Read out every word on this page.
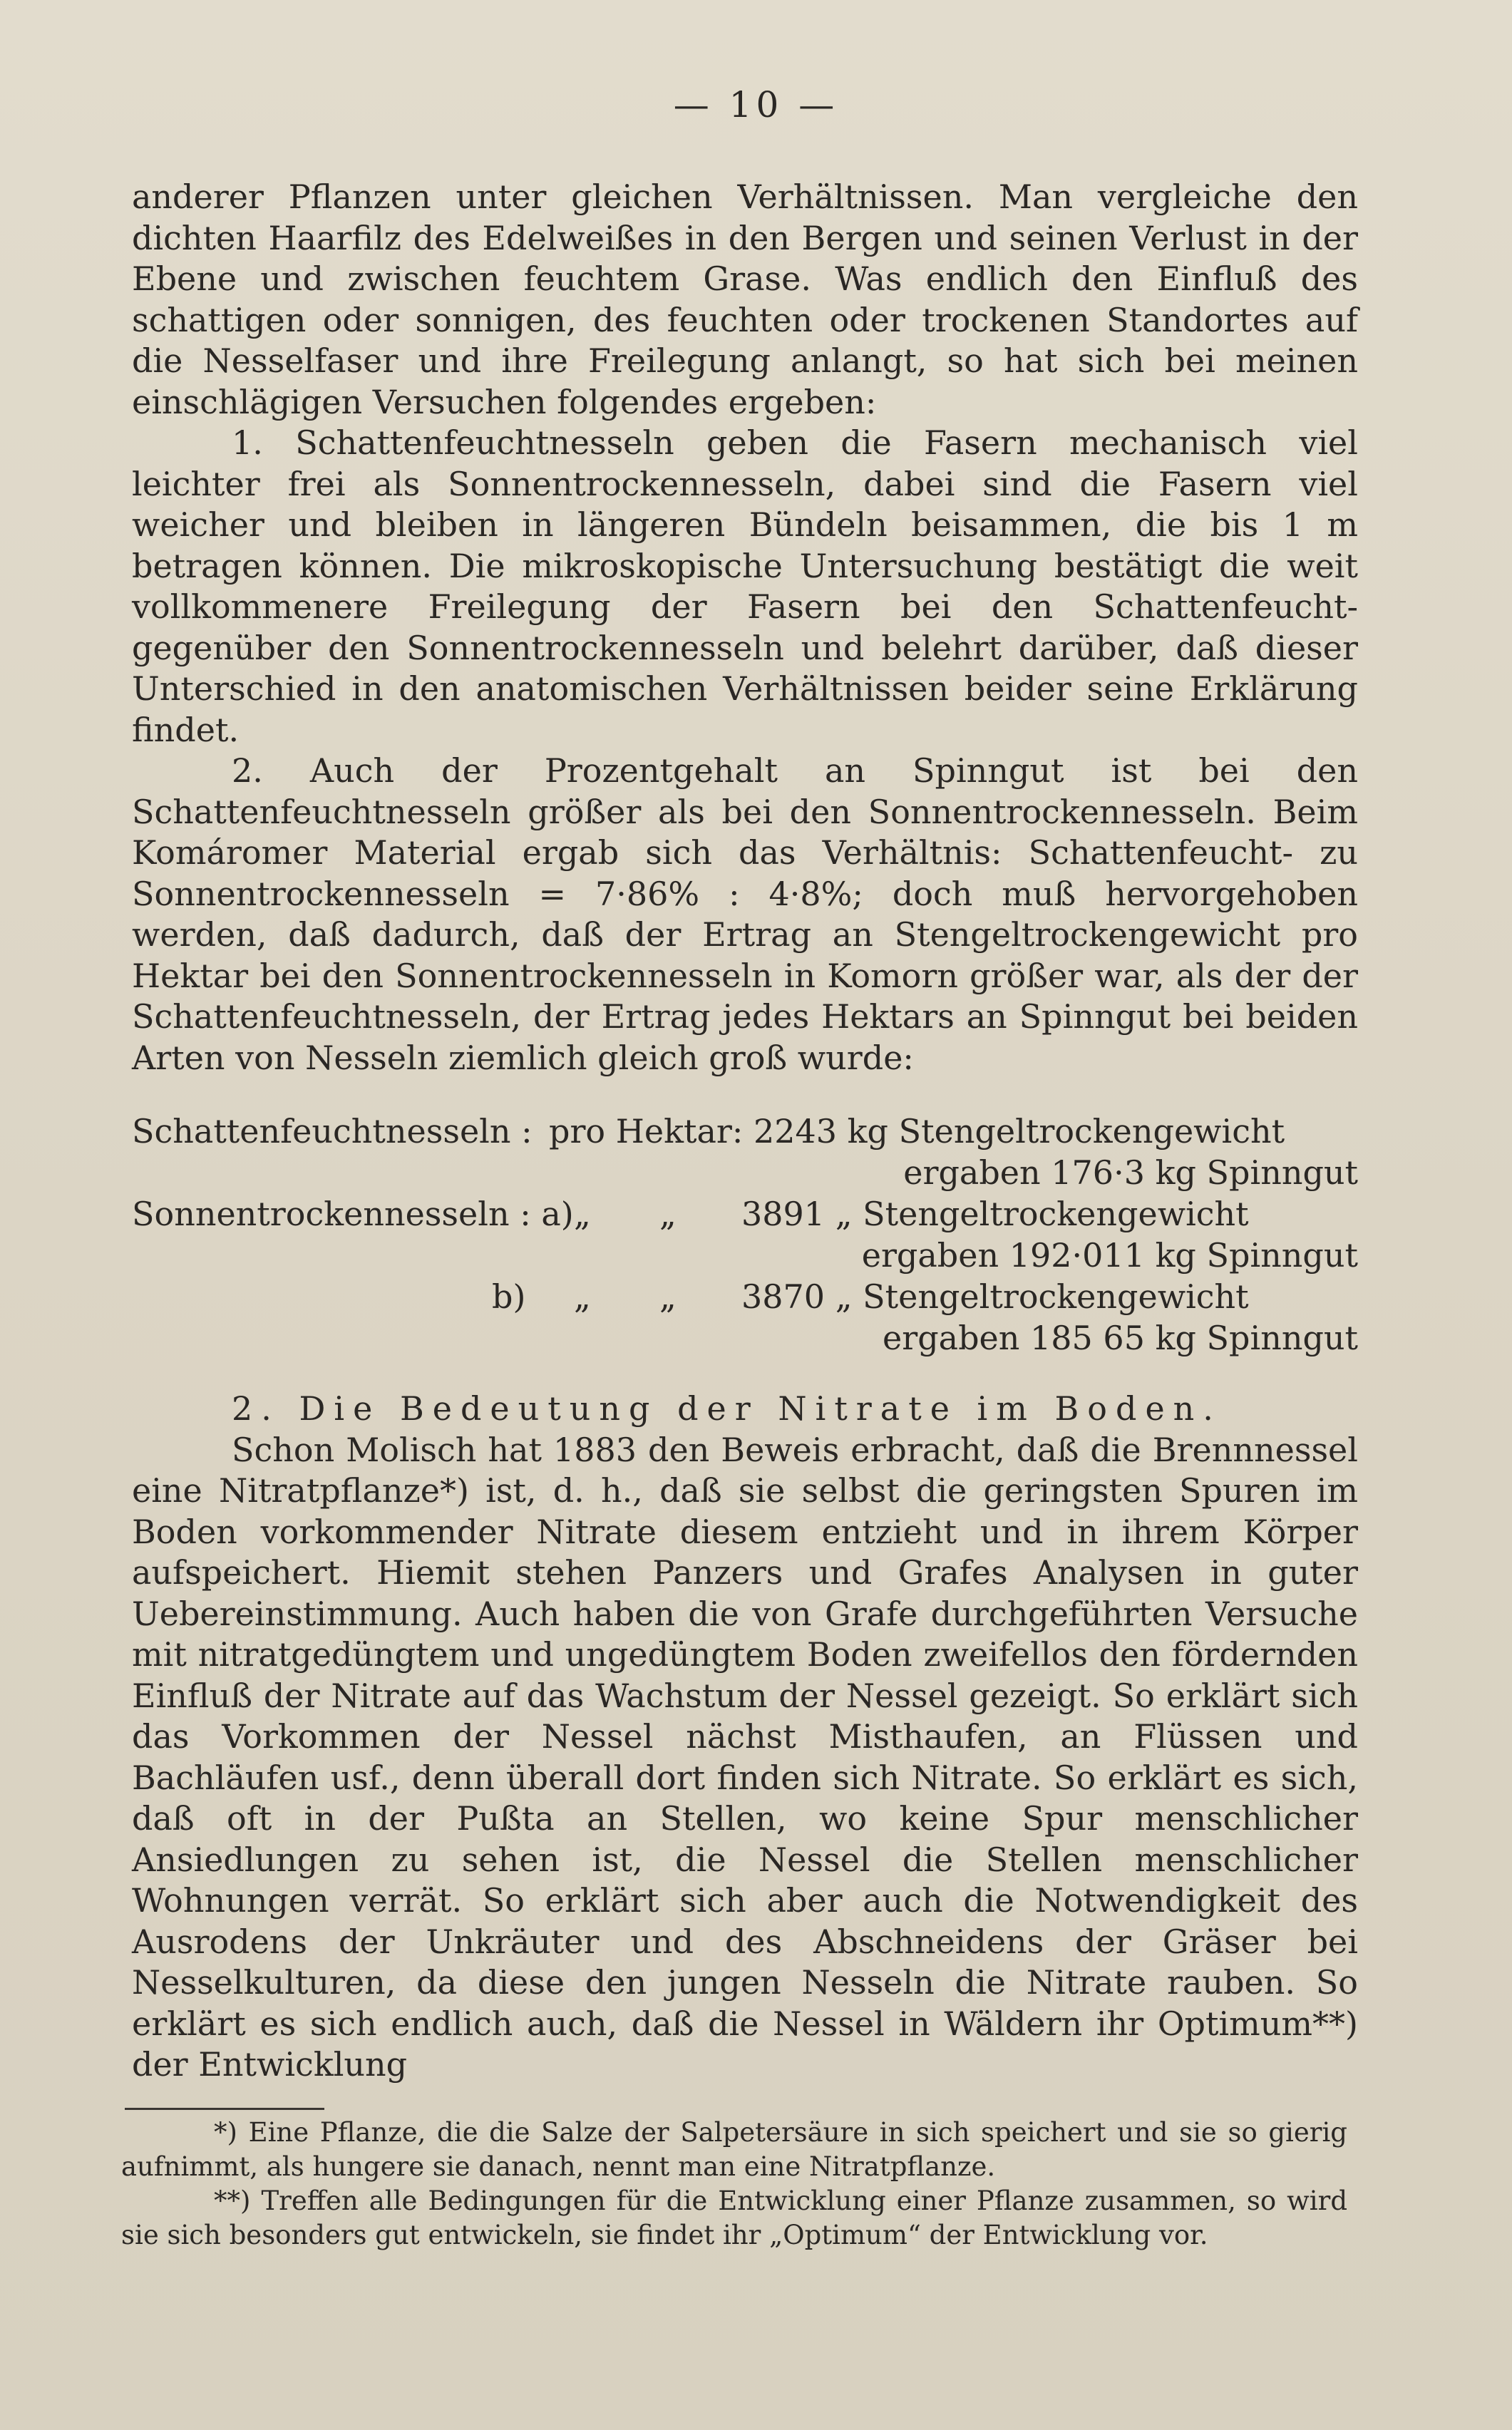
— 10 —

anderer Pflanzen unter gleichen Verhältnissen. Man vergleiche den dichten Haarfilz des Edelweißes in den Bergen und seinen Verlust in der Ebene und zwischen feuchtem Grase. Was endlich den Einfluß des schattigen oder sonnigen, des feuchten oder trockenen Standortes auf die Nesselfaser und ihre Freilegung anlangt, so hat sich bei meinen einschlägigen Versuchen folgendes ergeben:

1. Schattenfeuchtnesseln geben die Fasern mechanisch viel leichter frei als Sonnentrockennesseln, dabei sind die Fasern viel weicher und bleiben in längeren Bündeln beisammen, die bis 1 m betragen können. Die mikroskopische Untersuchung bestätigt die weit vollkommenere Freilegung der Fasern bei den Schattenfeucht- gegenüber den Sonnentrockennesseln und belehrt darüber, daß dieser Unterschied in den anatomischen Verhältnissen beider seine Erklärung findet.

2. Auch der Prozentgehalt an Spinngut ist bei den Schattenfeuchtnesseln größer als bei den Sonnentrockennesseln. Beim Komáromer Material ergab sich das Verhältnis: Schattenfeucht- zu Sonnentrockennesseln = 7·86% : 4·8%; doch muß hervorgehoben werden, daß dadurch, daß der Ertrag an Stengeltrockengewicht pro Hektar bei den Sonnentrockennesseln in Komorn größer war, als der der Schattenfeuchtnesseln, der Ertrag jedes Hektars an Spinngut bei beiden Arten von Nesseln ziemlich gleich groß wurde:

Schattenfeuchtnesseln : pro Hektar: 2243 kg Stengeltrockengewicht
ergaben 176·3 kg Spinngut
Sonnentrockennesseln : a) „ „ 3891 „ Stengeltrockengewicht
ergaben 192·011 kg Spinngut
b) „ „ 3870 „ Stengeltrockengewicht
ergaben 185 65 kg Spinngut

2. Die Bedeutung der Nitrate im Boden.

Schon Molisch hat 1883 den Beweis erbracht, daß die Brennnessel eine Nitratpflanze*) ist, d. h., daß sie selbst die geringsten Spuren im Boden vorkommender Nitrate diesem entzieht und in ihrem Körper aufspeichert. Hiemit stehen Panzers und Grafes Analysen in guter Uebereinstimmung. Auch haben die von Grafe durchgeführten Versuche mit nitratgedüngtem und ungedüngtem Boden zweifellos den fördernden Einfluß der Nitrate auf das Wachstum der Nessel gezeigt. So erklärt sich das Vorkommen der Nessel nächst Misthaufen, an Flüssen und Bachläufen usf., denn überall dort finden sich Nitrate. So erklärt es sich, daß oft in der Pußta an Stellen, wo keine Spur menschlicher Ansiedlungen zu sehen ist, die Nessel die Stellen menschlicher Wohnungen verrät. So erklärt sich aber auch die Notwendigkeit des Ausrodens der Unkräuter und des Abschneidens der Gräser bei Nesselkulturen, da diese den jungen Nesseln die Nitrate rauben. So erklärt es sich endlich auch, daß die Nessel in Wäldern ihr Optimum**) der Entwicklung

*) Eine Pflanze, die die Salze der Salpetersäure in sich speichert und sie so gierig aufnimmt, als hungere sie danach, nennt man eine Nitratpflanze.

**) Treffen alle Bedingungen für die Entwicklung einer Pflanze zusammen, so wird sie sich besonders gut entwickeln, sie findet ihr „Optimum“ der Entwicklung vor.
